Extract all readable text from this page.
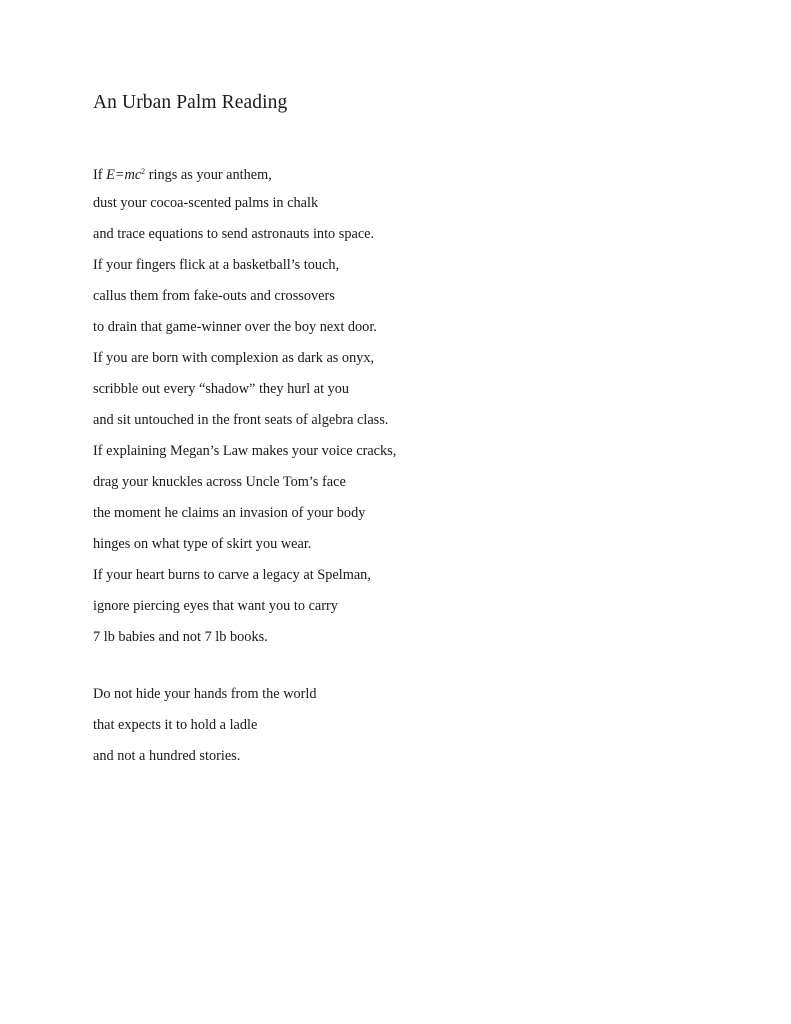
An Urban Palm Reading
If $E=mc^2$ rings as your anthem,
dust your cocoa-scented palms in chalk
and trace equations to send astronauts into space.
If your fingers flick at a basketball’s touch,
callus them from fake-outs and crossovers
to drain that game-winner over the boy next door.
If you are born with complexion as dark as onyx,
scribble out every “shadow” they hurl at you
and sit untouched in the front seats of algebra class.
If explaining Megan’s Law makes your voice cracks,
drag your knuckles across Uncle Tom’s face
the moment he claims an invasion of your body
hinges on what type of skirt you wear.
If your heart burns to carve a legacy at Spelman,
ignore piercing eyes that want you to carry
7 lb babies and not 7 lb books.
Do not hide your hands from the world
that expects it to hold a ladle
and not a hundred stories.
